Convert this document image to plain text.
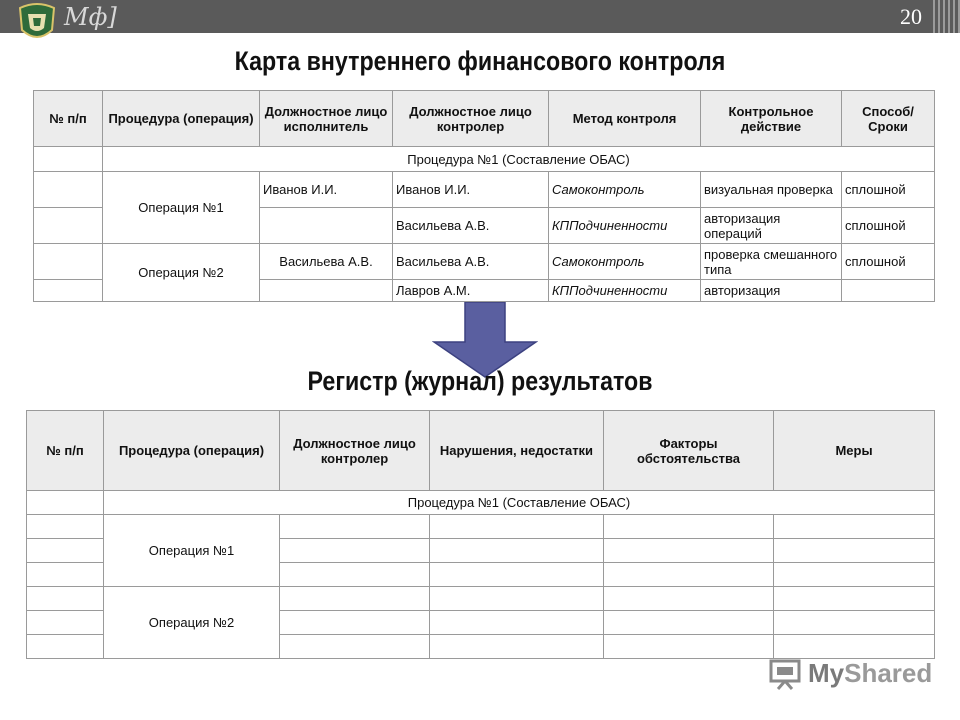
Мф]	20
Карта внутреннего финансового контроля
№ п/п	Процедура (операция)	Должностное лицо исполнитель	Должностное лицо контролер	Метод контроля	Контрольное действие	Способ/ Сроки
	Процедура №1 (Составление ОБАС)					
	Операция №1	Иванов И.И.	Иванов И.И.	Самоконтроль	визуальная проверка	сплошной
			Васильева А.В.	КППодчиненности	авторизация операций	сплошной
	Операция №2	Васильева А.В.	Васильева А.В.	Самоконтроль	проверка смешанного типа	сплошной
			Лавров А.М.	КППодчиненности	авторизация	
Регистр (журнал) результатов
№ п/п	Процедура (операция)	Должностное лицо контролер	Нарушения, недостатки	Факторы обстоятельства	Меры
	Процедура №1 (Составление ОБАС)				
	Операция №1				

	Операция №2				

MyShared
